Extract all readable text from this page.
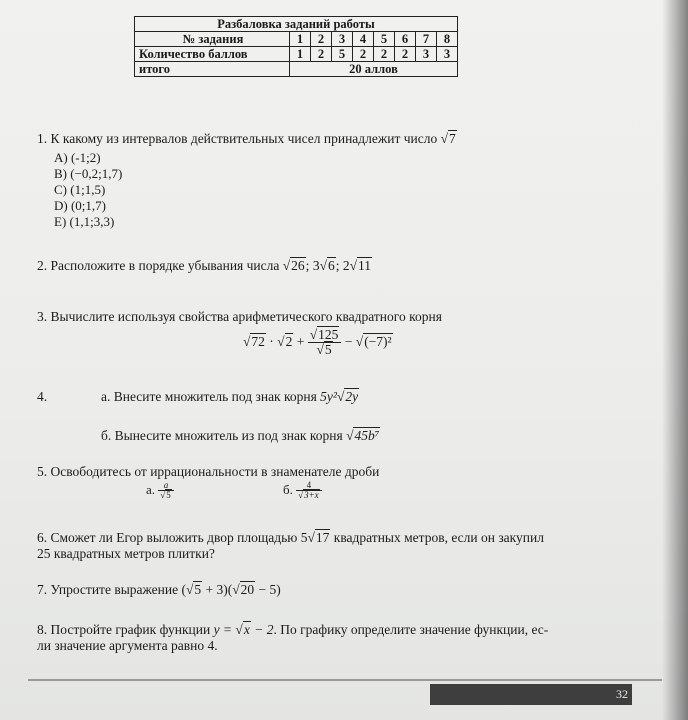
Разбаловка заданий работы								
№ задания	1	2	3	4	5	6	7	8
Количество баллов	1	2	5	2	2	2	3	3
итого	20 аллов							
1. К какому из интервалов действительных чисел принадлежит число √7
A) (-1;2)
B) (−0,2;1,7)
C) (1;1,5)
D) (0;1,7)
E) (1,1;3,3)
2. Расположите в порядке убывания числа √26; 3√6; 2√11
3. Вычислите используя свойства арифметического квадратного корня
$√72 \cdot √2 + \frac{√125}{√5} - √(-7)^2$
4.	а. Внесите множитель под знак корня 5y²√2y
б. Вынесите множитель из под знак корня √45b⁷
5. Освободитесь от иррациональности в знаменателе дроби
а. $\frac{a}{√5}$	б. $\frac{4}{√3+x}$
6. Сможет ли Егор выложить двор площадью 5√17 квадратных метров, если он закупил
25 квадратных метров плитки?
7. Упростите выражение (√5 + 3)(√20 − 5)
8. Постройте график функции y = √x − 2. По графику определите значение функции, ес-
ли значение аргумента равно 4.
32
